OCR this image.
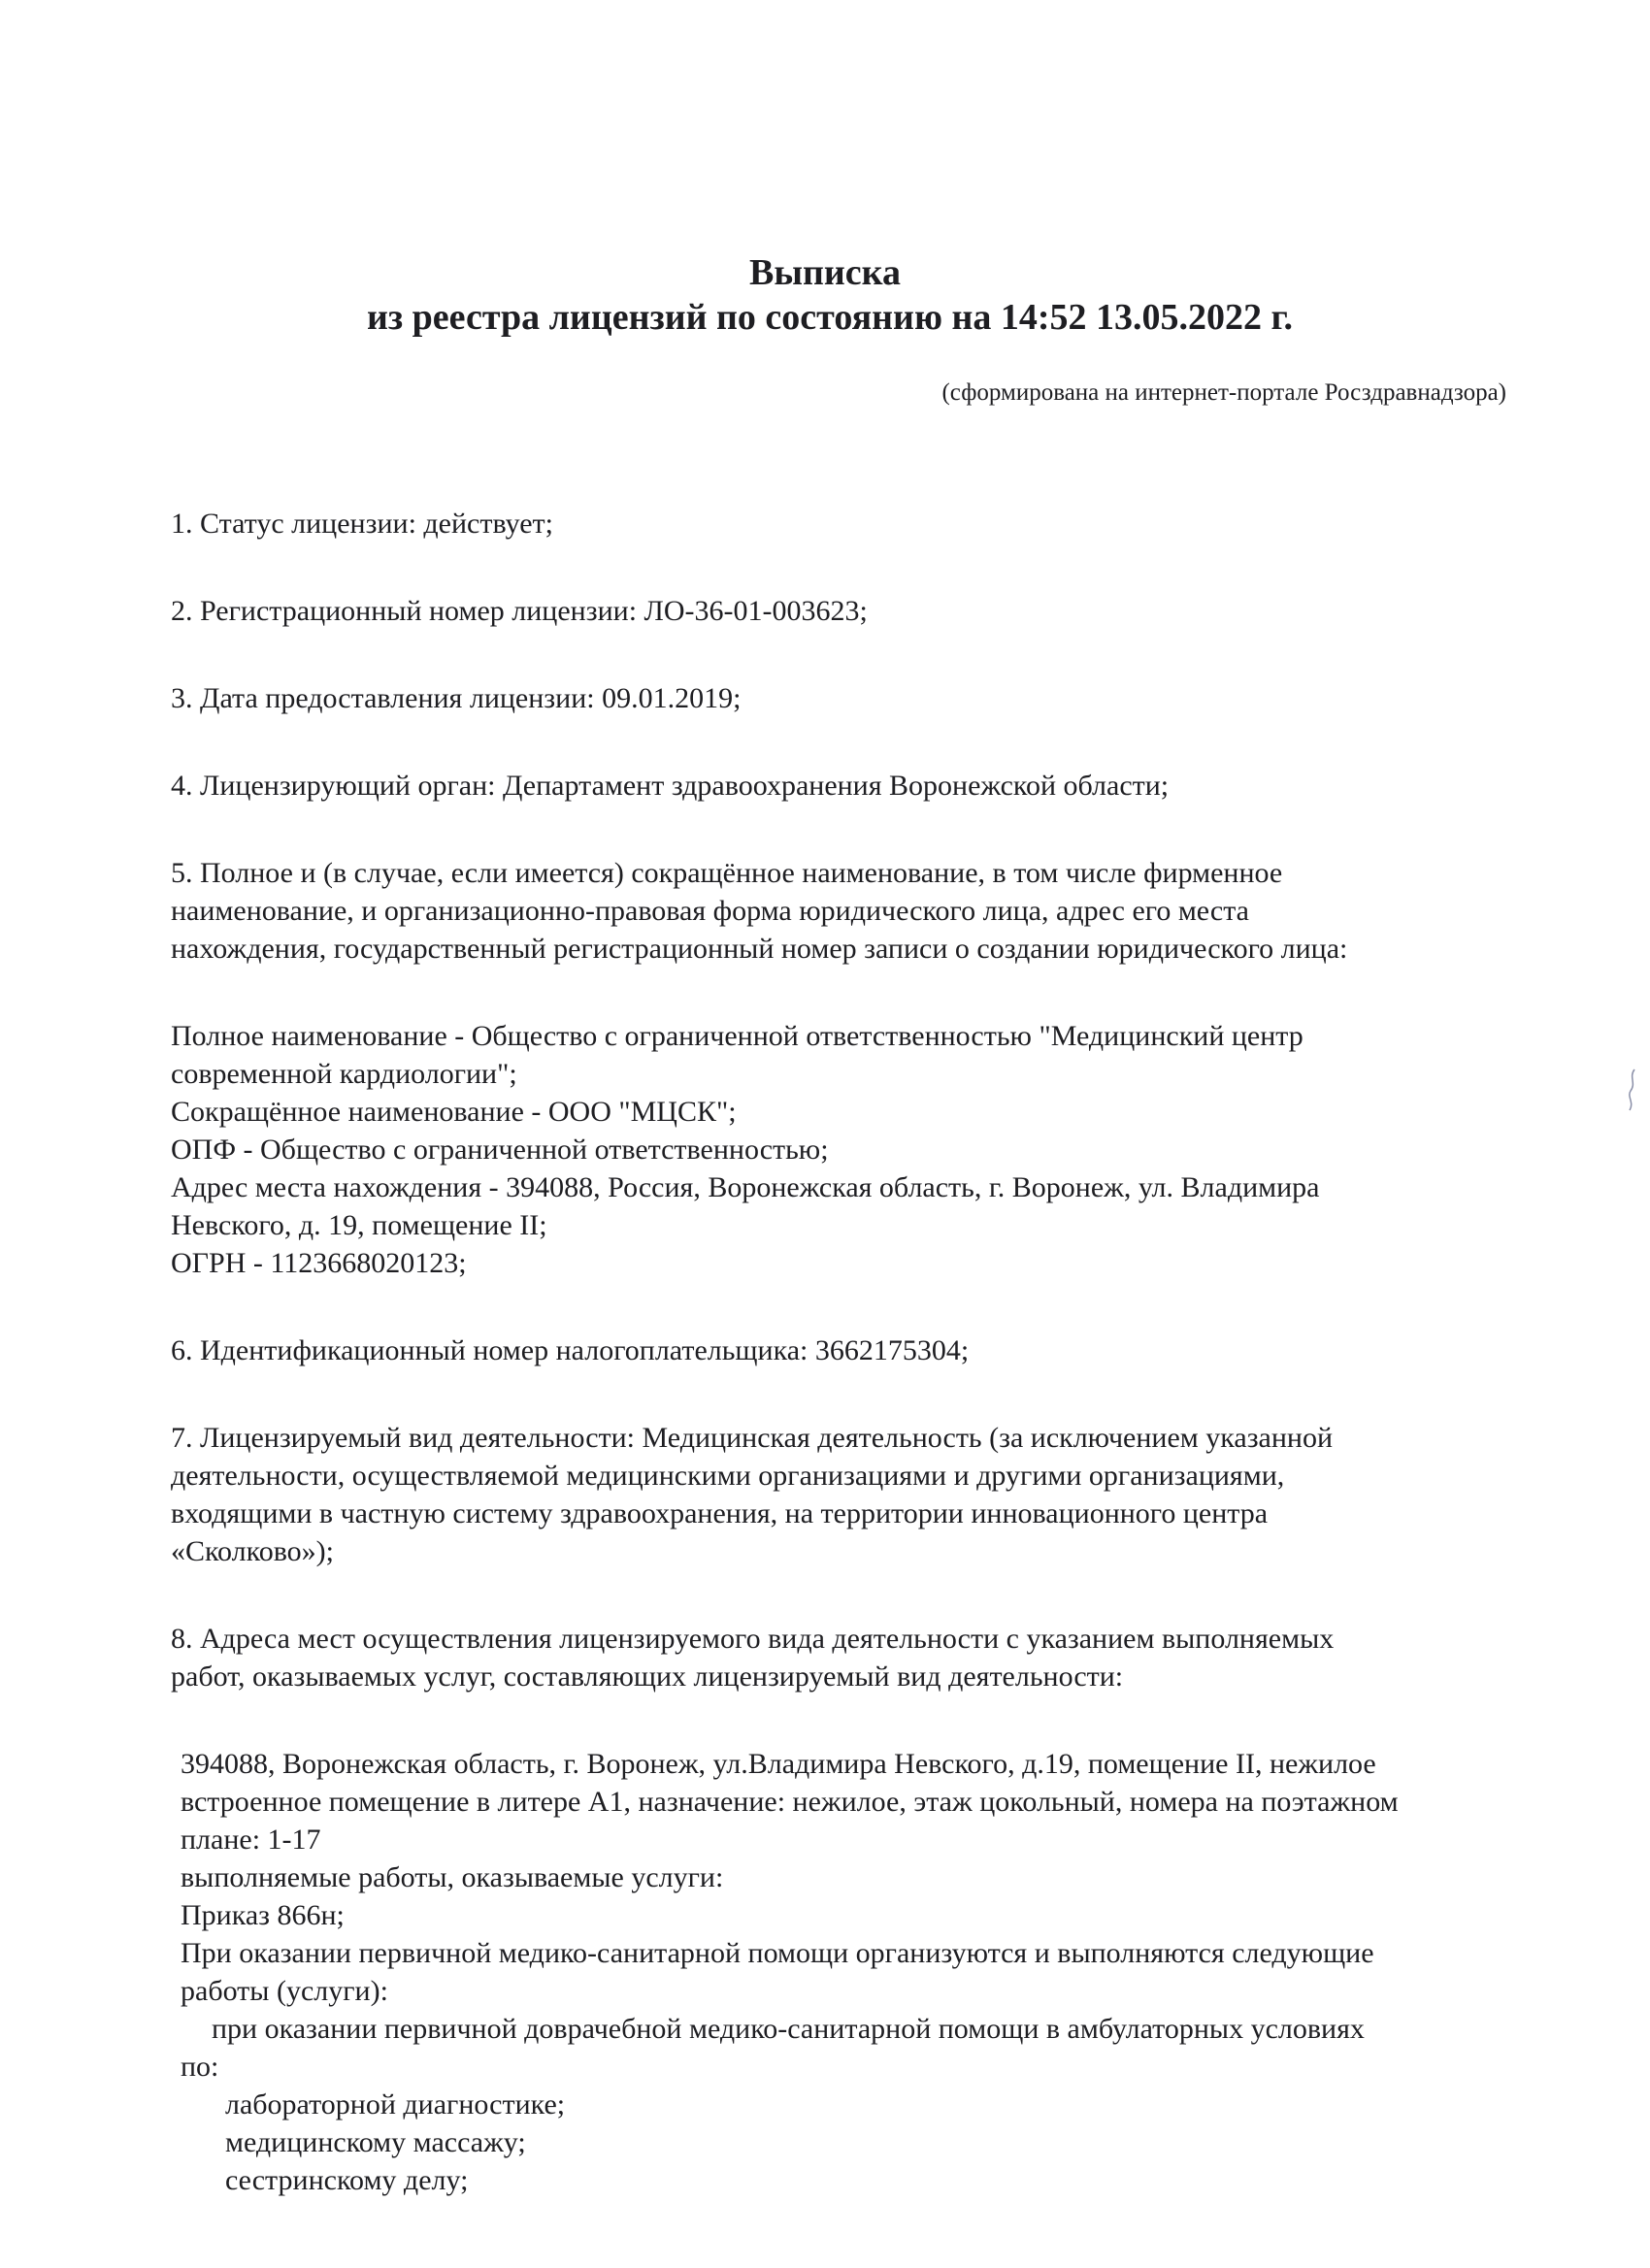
Выписка
из реестра лицензий по состоянию на 14:52 13.05.2022 г.
(сформирована на интернет-портале Росздравнадзора)

1. Статус лицензии: действует;

2. Регистрационный номер лицензии: ЛО-36-01-003623;

3. Дата предоставления лицензии: 09.01.2019;

4. Лицензирующий орган: Департамент здравоохранения Воронежской области;

5. Полное и (в случае, если имеется) сокращённое наименование, в том числе фирменное

наименование, и организационно-правовая форма юридического лица, адрес его места

нахождения, государственный регистрационный номер записи о создании юридического лица:

Полное наименование - Общество с ограниченной ответственностью "Медицинский центр

современной кардиологии";

Сокращённое наименование - ООО "МЦСК";

ОПФ - Общество с ограниченной ответственностью;

Адрес места нахождения - 394088, Россия, Воронежская область, г. Воронеж, ул. Владимира

Невского, д. 19, помещение II;

ОГРН - 1123668020123;

6. Идентификационный номер налогоплательщика: 3662175304;

7. Лицензируемый вид деятельности: Медицинская деятельность (за исключением указанной

деятельности, осуществляемой медицинскими организациями и другими организациями,

входящими в частную систему здравоохранения, на территории инновационного центра

«Сколково»);

8. Адреса мест осуществления лицензируемого вида деятельности с указанием выполняемых

работ, оказываемых услуг, составляющих лицензируемый вид деятельности:

394088, Воронежская область, г. Воронеж, ул.Владимира Невского, д.19, помещение II, нежилое

встроенное помещение в литере А1, назначение: нежилое, этаж цокольный, номера на поэтажном

плане: 1-17

выполняемые работы, оказываемые услуги:

Приказ 866н;

При оказании первичной медико-санитарной помощи организуются и выполняются следующие

работы (услуги):

при оказании первичной доврачебной медико-санитарной помощи в амбулаторных условиях

по:

лабораторной диагностике;

медицинскому массажу;

сестринскому делу;
